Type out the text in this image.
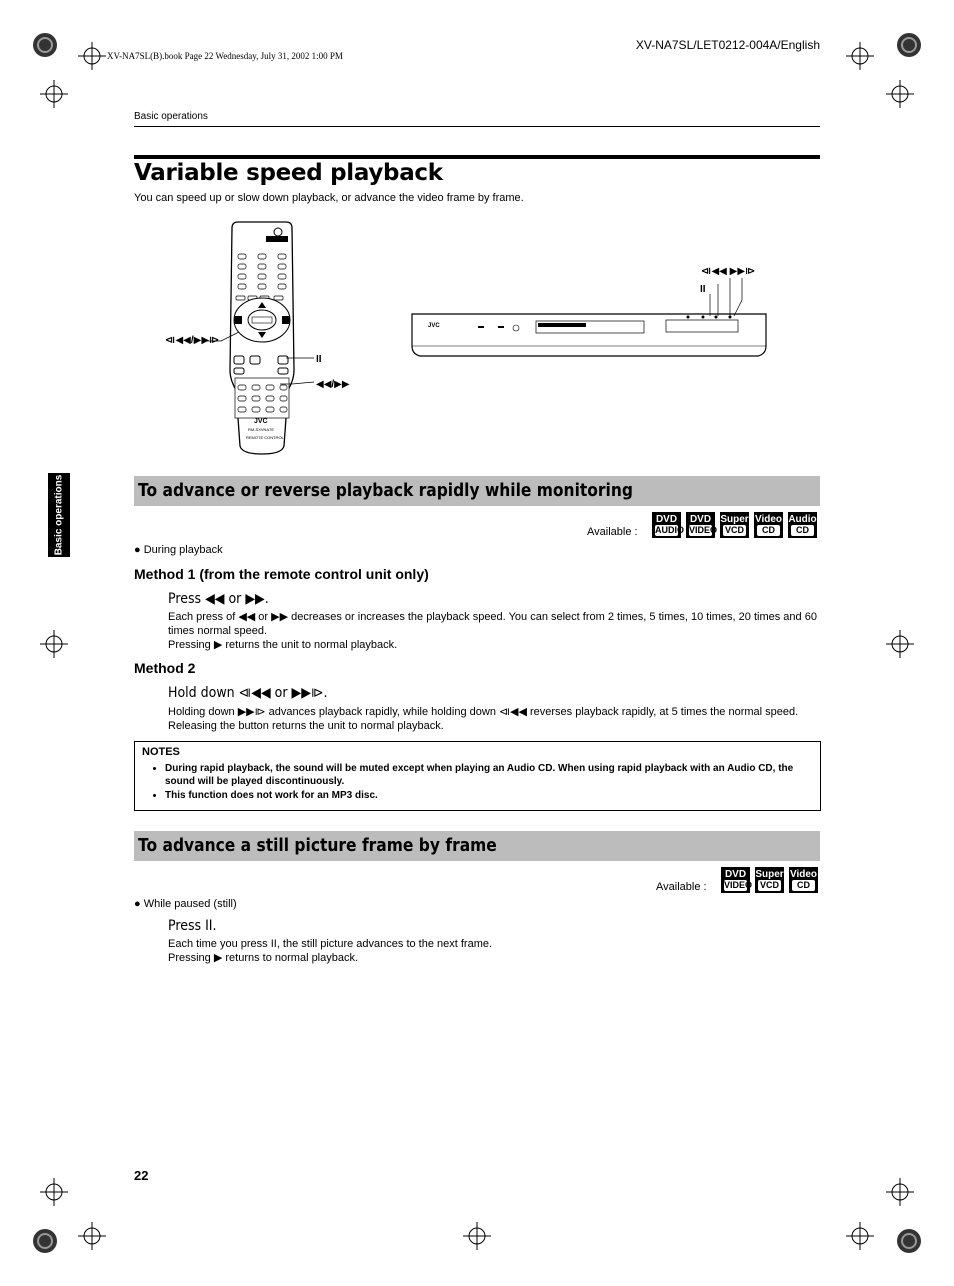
XV-NA7SL(B).book Page 22 Wednesday, July 31, 2002 1:00 PM
XV-NA7SL/LET0212-004A/English
Basic operations
Variable speed playback
You can speed up or slow down playback, or advance the video frame by frame.
Basic operations
JVC
RM-SXVNA7E
REMOTE CONTROL
⧏◀◀/▶▶⧐
II
◀◀/▶▶
JVC
⧏◀◀ ▶▶⧐
II
To advance or reverse playback rapidly while monitoring
Available :
DVD
AUDIO
DVD
VIDEO
Super
VCD
Video
CD
Audio
CD
● During playback
Method 1 (from the remote control unit only)
Press ◀◀ or ▶▶.
Each press of ◀◀ or ▶▶ decreases or increases the playback speed. You can select from 2 times, 5 times, 10 times, 20 times and 60 times normal speed.
Pressing ▶ returns the unit to normal playback.
Method 2
Hold down ⧏◀◀ or ▶▶⧐.
Holding down ▶▶⧐ advances playback rapidly, while holding down ⧏◀◀ reverses playback rapidly, at 5 times the normal speed. Releasing the button returns the unit to normal playback.
NOTES
• During rapid playback, the sound will be muted except when playing an Audio CD. When using rapid playback with an Audio CD, the sound will be played discontinuously.
• This function does not work for an MP3 disc.
To advance a still picture frame by frame
Available :
DVD
VIDEO
Super
VCD
Video
CD
● While paused (still)
Press II.
Each time you press II, the still picture advances to the next frame.
Pressing ▶ returns to normal playback.
22
